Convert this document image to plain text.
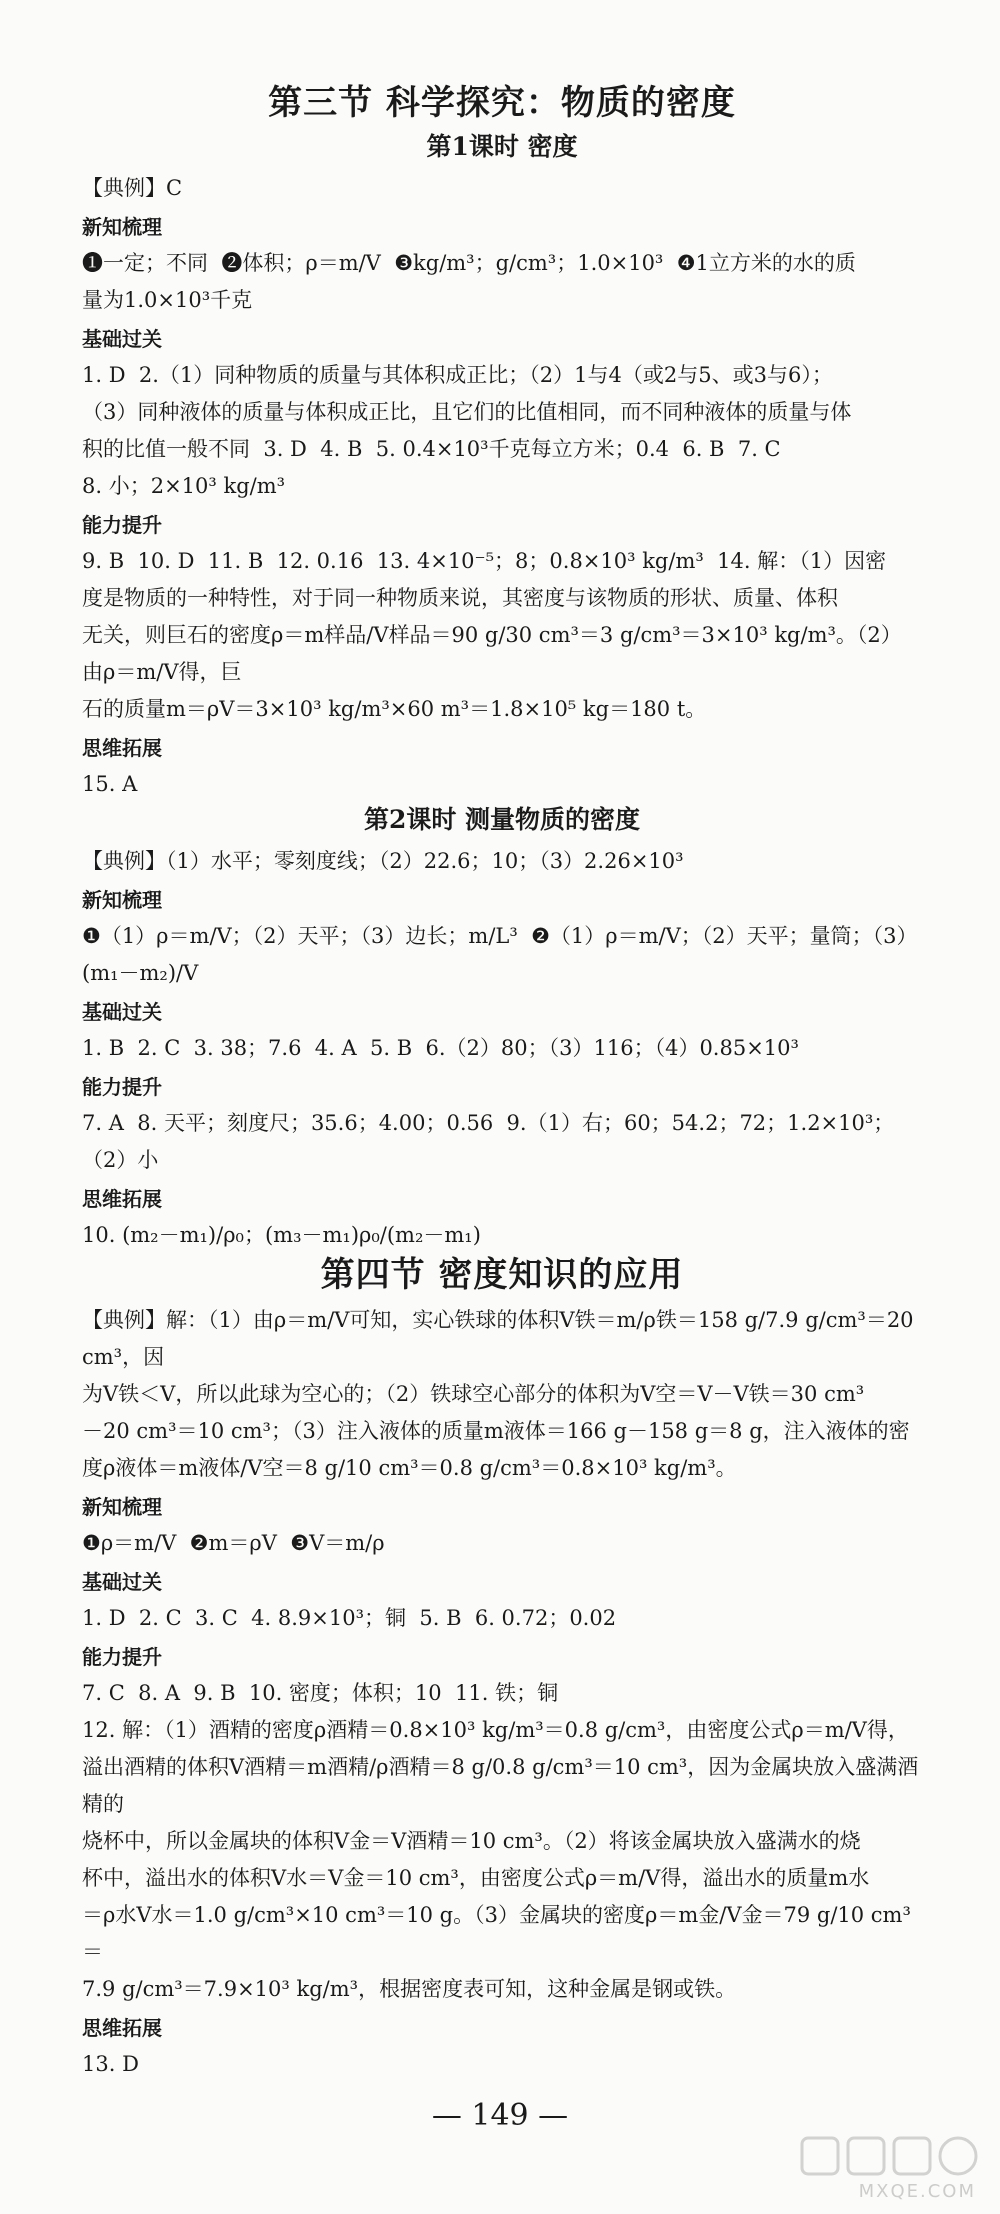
第三节 科学探究：物质的密度
第1课时 密度
【典例】C
新知梳理
❶一定；不同  ❷体积；ρ＝m/V  ❸kg/m³；g/cm³；1.0×10³  ❹1立方米的水的质
量为1.0×10³千克
基础过关
1. D  2.（1）同种物质的质量与其体积成正比；（2）1与4（或2与5、或3与6）；
（3）同种液体的质量与体积成正比，且它们的比值相同，而不同种液体的质量与体
积的比值一般不同  3. D  4. B  5. 0.4×10³千克每立方米；0.4  6. B  7. C
8. 小；2×10³ kg/m³
能力提升
9. B  10. D  11. B  12. 0.16  13. 4×10⁻⁵；8；0.8×10³ kg/m³  14. 解：（1）因密
度是物质的一种特性，对于同一种物质来说，其密度与该物质的形状、质量、体积
无关，则巨石的密度ρ＝m样品/V样品＝90 g/30 cm³＝3 g/cm³＝3×10³ kg/m³。（2）由ρ＝m/V得，巨
石的质量m＝ρV＝3×10³ kg/m³×60 m³＝1.8×10⁵ kg＝180 t。
思维拓展
15. A
第2课时 测量物质的密度
【典例】（1）水平；零刻度线；（2）22.6；10；（3）2.26×10³
新知梳理
❶（1）ρ＝m/V；（2）天平；（3）边长；m/L³  ❷（1）ρ＝m/V；（2）天平；量筒；（3）(m₁－m₂)/V
基础过关
1. B  2. C  3. 38；7.6  4. A  5. B  6.（2）80；（3）116；（4）0.85×10³
能力提升
7. A  8. 天平；刻度尺；35.6；4.00；0.56  9.（1）右；60；54.2；72；1.2×10³；（2）小
思维拓展
10. (m₂－m₁)/ρ₀；(m₃－m₁)ρ₀/(m₂－m₁)
第四节 密度知识的应用
【典例】解：（1）由ρ＝m/V可知，实心铁球的体积V铁＝m/ρ铁＝158 g/7.9 g/cm³＝20 cm³，因
为V铁＜V，所以此球为空心的；（2）铁球空心部分的体积为V空＝V－V铁＝30 cm³
－20 cm³＝10 cm³；（3）注入液体的质量m液体＝166 g－158 g＝8 g，注入液体的密
度ρ液体＝m液体/V空＝8 g/10 cm³＝0.8 g/cm³＝0.8×10³ kg/m³。
新知梳理
❶ρ＝m/V  ❷m＝ρV  ❸V＝m/ρ
基础过关
1. D  2. C  3. C  4. 8.9×10³；铜  5. B  6. 0.72；0.02
能力提升
7. C  8. A  9. B  10. 密度；体积；10  11. 铁；铜
12. 解：（1）酒精的密度ρ酒精＝0.8×10³ kg/m³＝0.8 g/cm³，由密度公式ρ＝m/V得，
溢出酒精的体积V酒精＝m酒精/ρ酒精＝8 g/0.8 g/cm³＝10 cm³，因为金属块放入盛满酒精的
烧杯中，所以金属块的体积V金＝V酒精＝10 cm³。（2）将该金属块放入盛满水的烧
杯中，溢出水的体积V水＝V金＝10 cm³，由密度公式ρ＝m/V得，溢出水的质量m水
＝ρ水V水＝1.0 g/cm³×10 cm³＝10 g。（3）金属块的密度ρ＝m金/V金＝79 g/10 cm³＝
7.9 g/cm³＝7.9×10³ kg/m³，根据密度表可知，这种金属是钢或铁。
思维拓展
13. D
— 149 —
MXQE.COM
